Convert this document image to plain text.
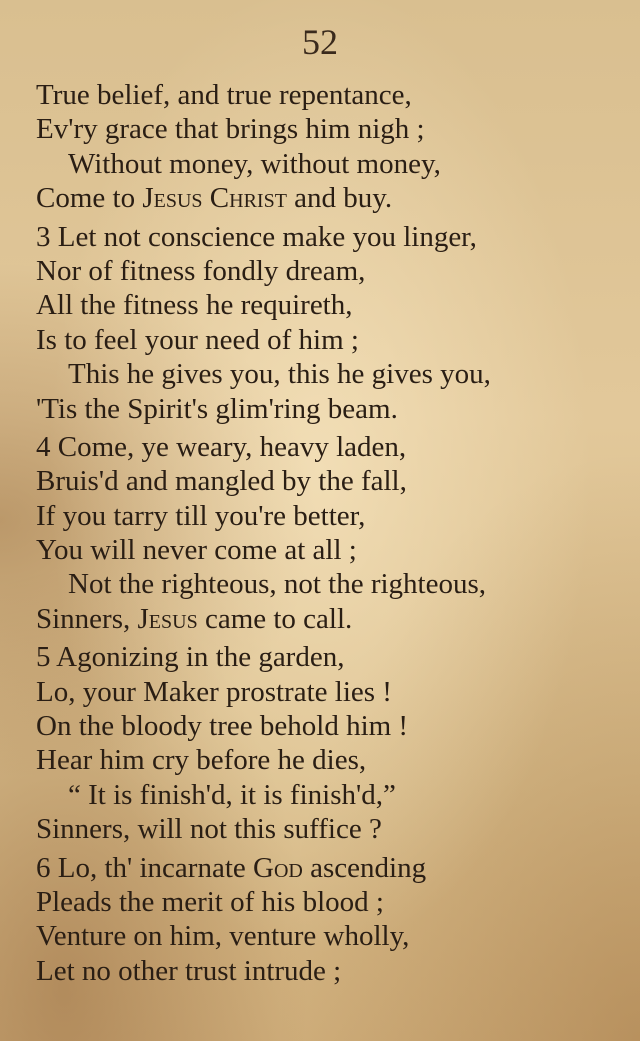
52
True belief, and true repentance,
Ev'ry grace that brings him nigh ;
Without money, without money,
Come to Jesus Christ and buy.
3 Let not conscience make you linger,
Nor of fitness fondly dream,
All the fitness he requireth,
Is to feel your need of him ;
This he gives you, this he gives you,
'Tis the Spirit's glim'ring beam.
4 Come, ye weary, heavy laden,
Bruis'd and mangled by the fall,
If you tarry till you're better,
You will never come at all ;
Not the righteous, not the righteous,
Sinners, Jesus came to call.
5 Agonizing in the garden,
Lo, your Maker prostrate lies !
On the bloody tree behold him !
Hear him cry before he dies,
“ It is finish'd, it is finish'd,”
Sinners, will not this suffice ?
6 Lo, th' incarnate God ascending
Pleads the merit of his blood ;
Venture on him, venture wholly,
Let no other trust intrude ;
